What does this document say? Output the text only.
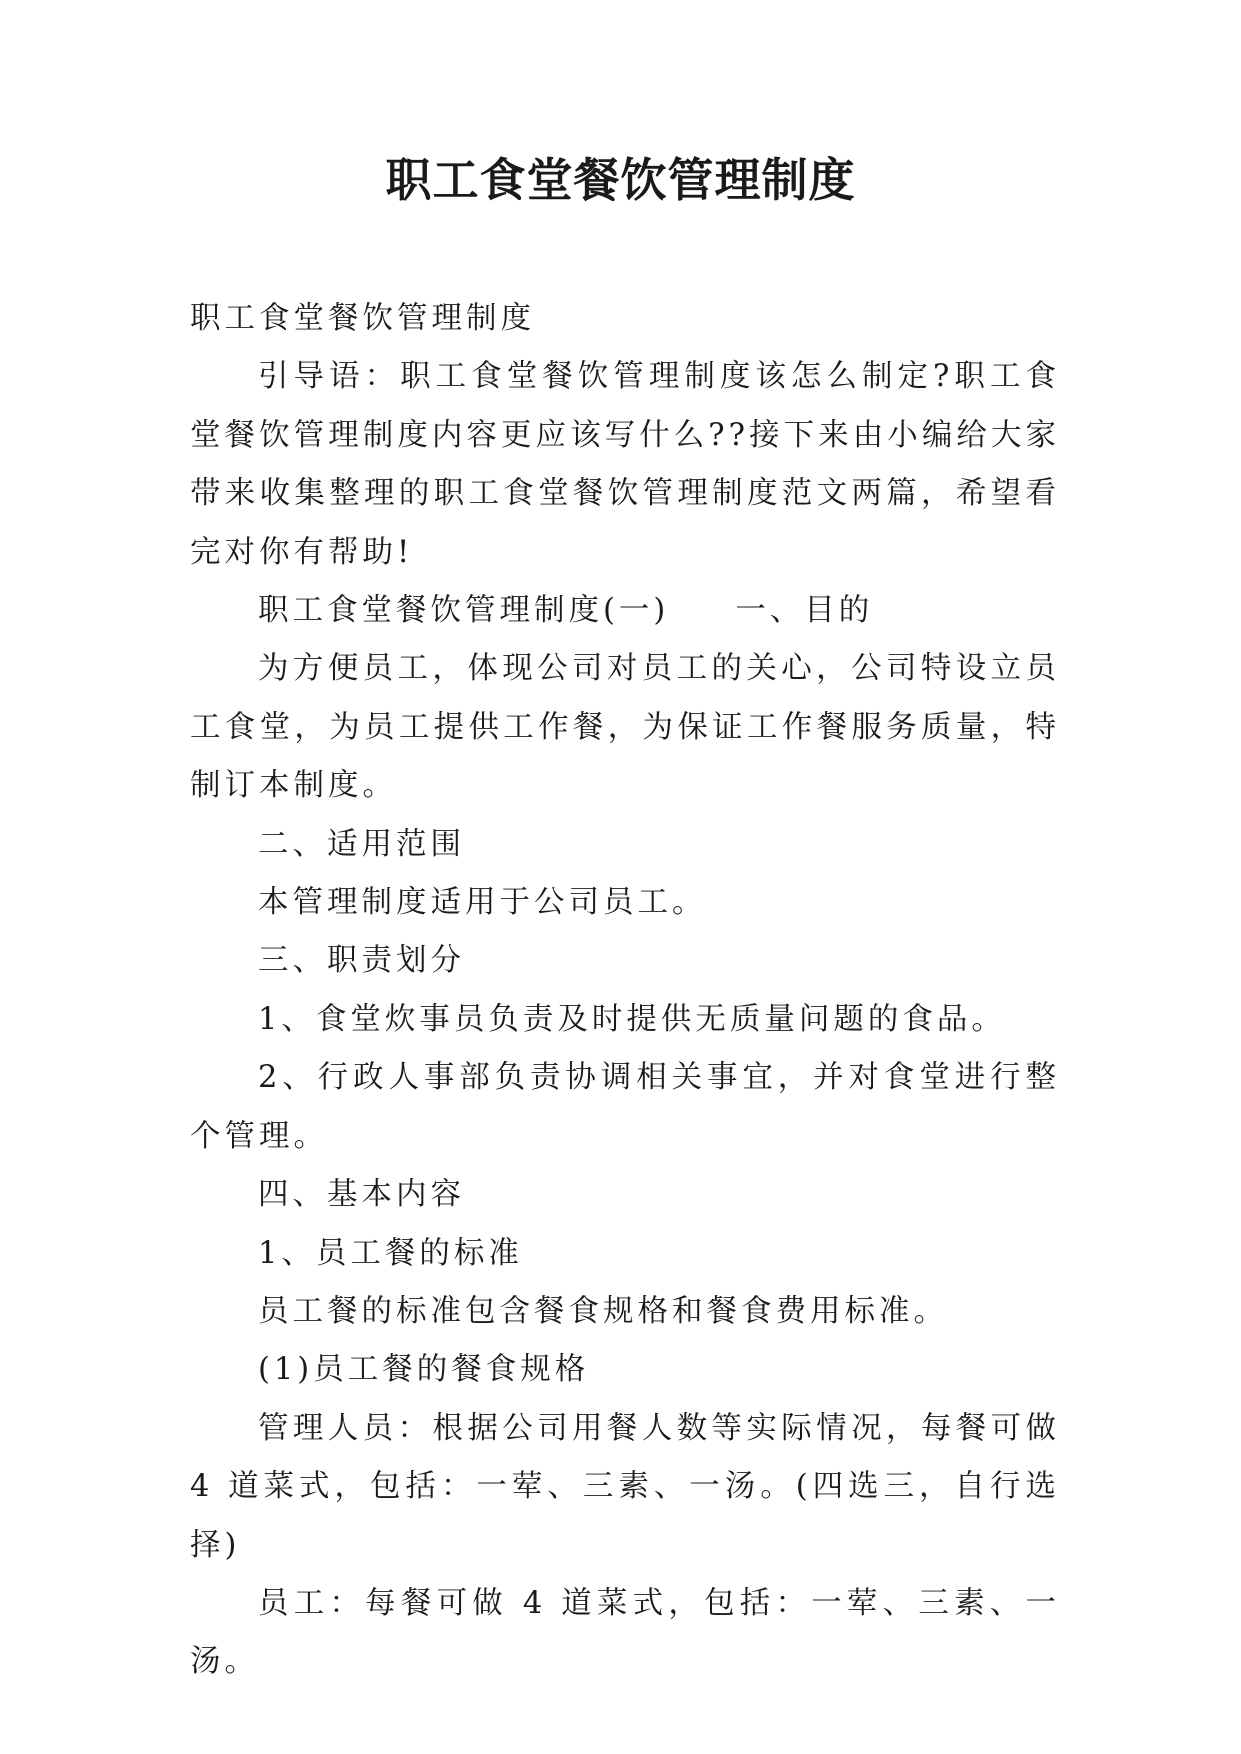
职工食堂餐饮管理制度

职工食堂餐饮管理制度

引导语：职工食堂餐饮管理制度该怎么制定?职工食堂餐饮管理制度内容更应该写什么??接下来由小编给大家带来收集整理的职工食堂餐饮管理制度范文两篇，希望看完对你有帮助!

职工食堂餐饮管理制度(一) 一、目的

为方便员工，体现公司对员工的关心，公司特设立员工食堂，为员工提供工作餐，为保证工作餐服务质量，特制订本制度。

二、适用范围

本管理制度适用于公司员工。

三、职责划分

1、食堂炊事员负责及时提供无质量问题的食品。

2、行政人事部负责协调相关事宜，并对食堂进行整个管理。

四、基本内容

1、员工餐的标准

员工餐的标准包含餐食规格和餐食费用标准。

(1)员工餐的餐食规格

管理人员：根据公司用餐人数等实际情况，每餐可做 4 道菜式，包括：一荤、三素、一汤。(四选三，自行选择)

员工：每餐可做 4 道菜式，包括：一荤、三素、一汤。
